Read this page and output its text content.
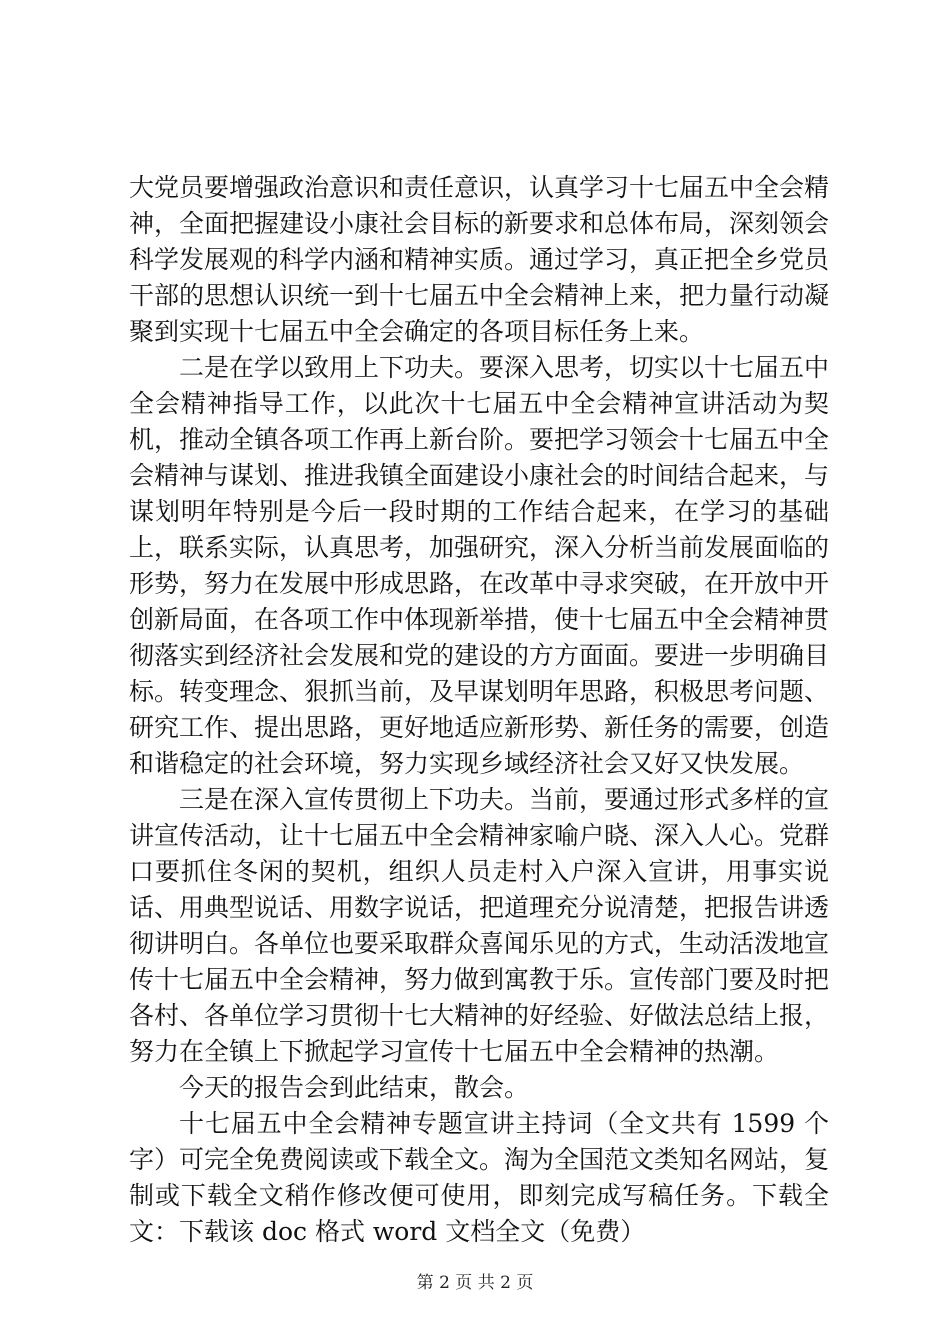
大党员要增强政治意识和责任意识，认真学习十七届五中全会精神，全面把握建设小康社会目标的新要求和总体布局，深刻领会科学发展观的科学内涵和精神实质。通过学习，真正把全乡党员干部的思想认识统一到十七届五中全会精神上来，把力量行动凝聚到实现十七届五中全会确定的各项目标任务上来。

二是在学以致用上下功夫。要深入思考，切实以十七届五中全会精神指导工作，以此次十七届五中全会精神宣讲活动为契机，推动全镇各项工作再上新台阶。要把学习领会十七届五中全会精神与谋划、推进我镇全面建设小康社会的时间结合起来，与谋划明年特别是今后一段时期的工作结合起来，在学习的基础上，联系实际，认真思考，加强研究，深入分析当前发展面临的形势，努力在发展中形成思路，在改革中寻求突破，在开放中开创新局面，在各项工作中体现新举措，使十七届五中全会精神贯彻落实到经济社会发展和党的建设的方方面面。要进一步明确目标。转变理念、狠抓当前，及早谋划明年思路，积极思考问题、研究工作、提出思路，更好地适应新形势、新任务的需要，创造和谐稳定的社会环境，努力实现乡域经济社会又好又快发展。

三是在深入宣传贯彻上下功夫。当前，要通过形式多样的宣讲宣传活动，让十七届五中全会精神家喻户晓、深入人心。党群口要抓住冬闲的契机，组织人员走村入户深入宣讲，用事实说话、用典型说话、用数字说话，把道理充分说清楚，把报告讲透彻讲明白。各单位也要采取群众喜闻乐见的方式，生动活泼地宣传十七届五中全会精神，努力做到寓教于乐。宣传部门要及时把各村、各单位学习贯彻十七大精神的好经验、好做法总结上报，努力在全镇上下掀起学习宣传十七届五中全会精神的热潮。

今天的报告会到此结束，散会。

十七届五中全会精神专题宣讲主持词（全文共有 1599 个字）可完全免费阅读或下载全文。淘为全国范文类知名网站，复制或下载全文稍作修改便可使用，即刻完成写稿任务。下载全文：下载该 doc 格式 word 文档全文（免费）

第 2 页 共 2 页
